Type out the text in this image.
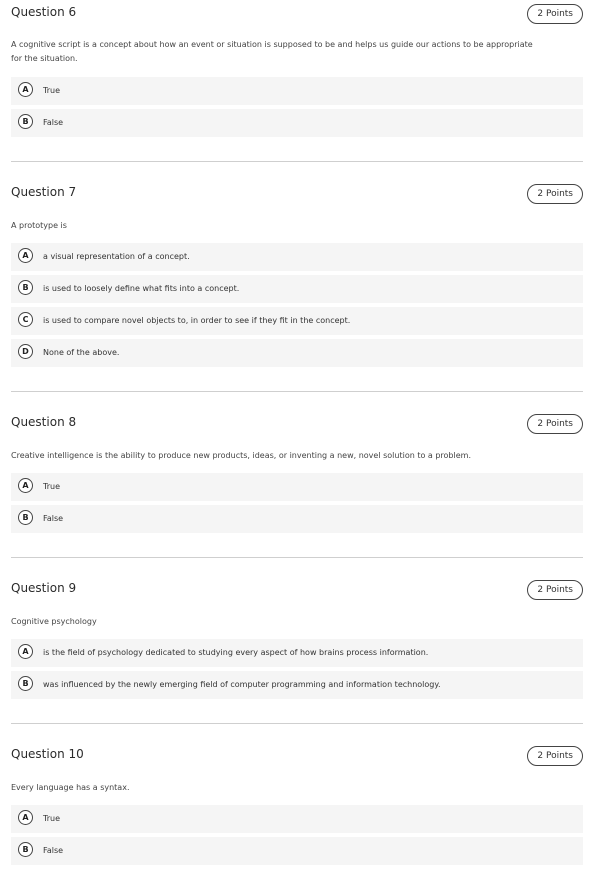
Question 6	2 Points
A cognitive script is a concept about how an event or situation is supposed to be and helps us guide our actions to be appropriate
for the situation.
A	True
B	False
Question 7	2 Points
A prototype is
A	a visual representation of a concept.
B	is used to loosely define what fits into a concept.
C	is used to compare novel objects to, in order to see if they fit in the concept.
D	None of the above.
Question 8	2 Points
Creative intelligence is the ability to produce new products, ideas, or inventing a new, novel solution to a problem.
A	True
B	False
Question 9	2 Points
Cognitive psychology
A	is the field of psychology dedicated to studying every aspect of how brains process information.
B	was influenced by the newly emerging field of computer programming and information technology.
Question 10	2 Points
Every language has a syntax.
A	True
B	False
